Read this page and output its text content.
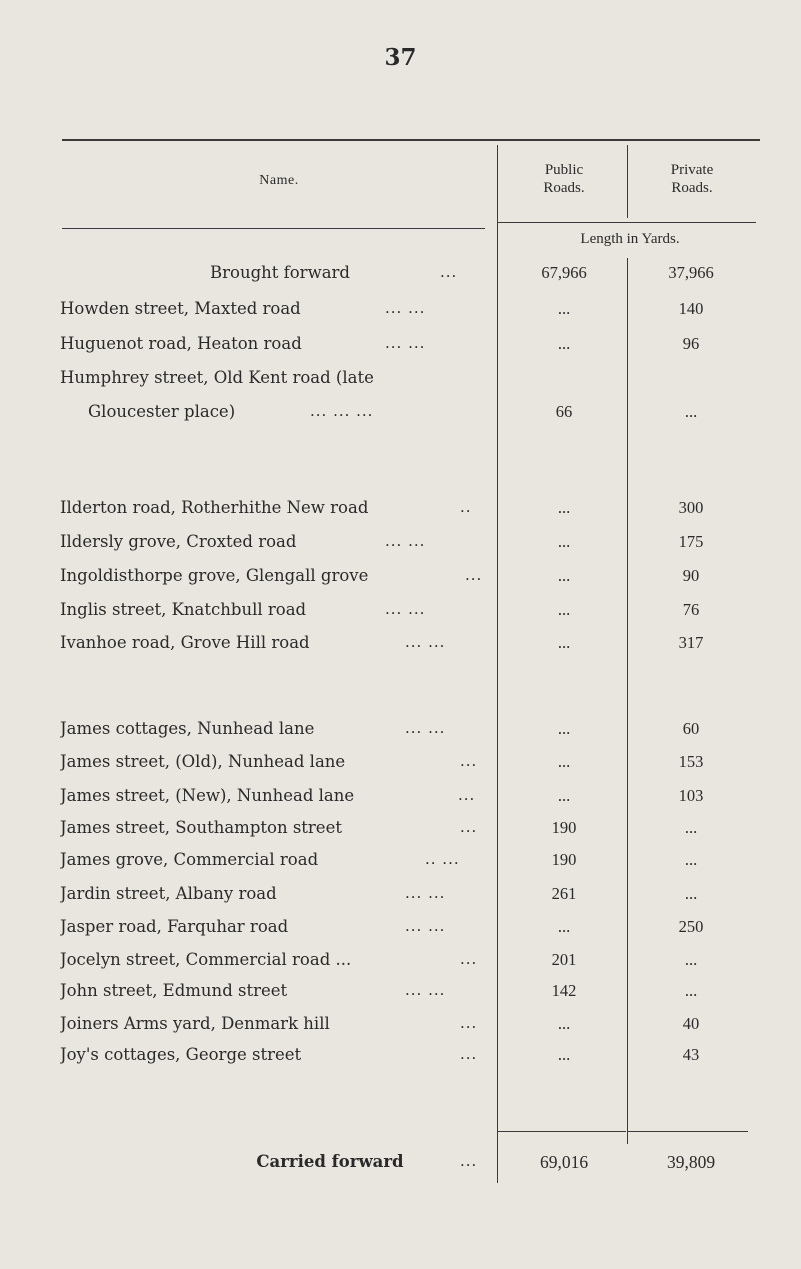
37
Name.
Public
Roads.
Private
Roads.
Length in Yards.
Brought forward	...	67,966	37,966
Howden street, Maxted road	... ...	...	140
Huguenot road, Heaton road	... ...	...	96
Humphrey street, Old Kent road (late
Gloucester place)	... ... ...	66	...
Ilderton road, Rotherhithe New road	..	...	300
Ildersly grove, Croxted road	... ...	...	175
Ingoldisthorpe grove, Glengall grove	...	...	90
Inglis street, Knatchbull road	... ...	...	76
Ivanhoe road, Grove Hill road	... ...	...	317
James cottages, Nunhead lane	... ...	...	60
James street, (Old), Nunhead lane	...	...	153
James street, (New), Nunhead lane	...	...	103
James street, Southampton street	...	190	...
James grove, Commercial road	.. ...	190	...
Jardin street, Albany road	... ...	261	...
Jasper road, Farquhar road	... ...	...	250
Jocelyn street, Commercial road ...	...	201	...
John street, Edmund street	... ...	142	...
Joiners Arms yard, Denmark hill	...	...	40
Joy's cottages, George street	...	...	43
Carried forward	...	69,016	39,809
